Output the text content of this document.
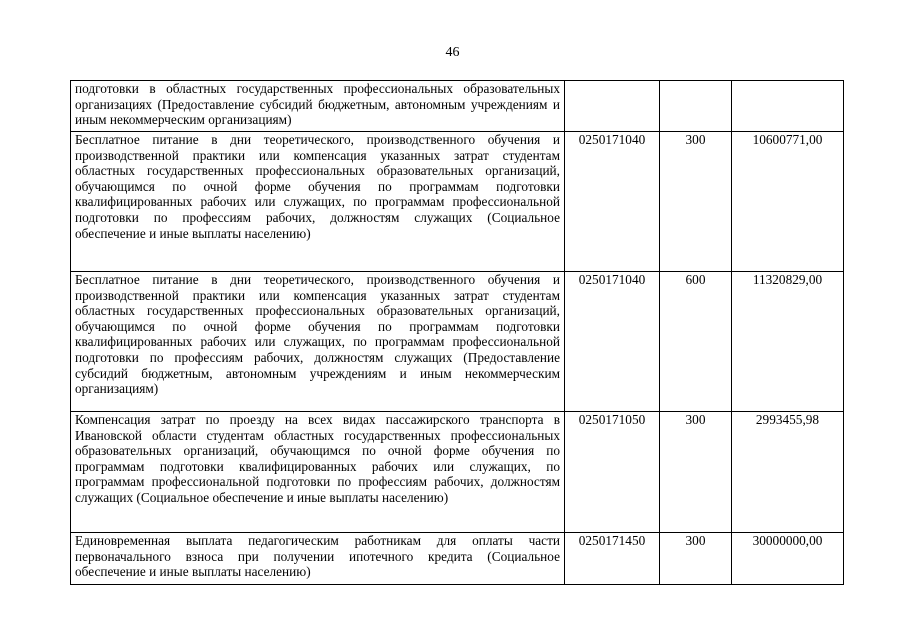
46
подготовки в областных государственных профессиональных образовательных организациях (Предоставление субсидий бюджетным, автономным учреждениям и иным некоммерческим организациям)			
Бесплатное питание в дни теоретического, производственного обучения и производственной практики или компенсация указанных затрат студентам областных государственных профессиональных образовательных организаций, обучающимся по очной форме обучения по программам подготовки квалифицированных рабочих или служащих, по программам профессиональной подготовки по профессиям рабочих, должностям служащих (Социальное обеспечение и иные выплаты населению)	0250171040	300	10600771,00
Бесплатное питание в дни теоретического, производственного обучения и производственной практики или компенсация указанных затрат студентам областных государственных профессиональных образовательных организаций, обучающимся по очной форме обучения по программам подготовки квалифицированных рабочих или служащих, по программам профессиональной подготовки по профессиям рабочих, должностям служащих (Предоставление субсидий бюджетным, автономным учреждениям и иным некоммерческим организациям)	0250171040	600	11320829,00
Компенсация затрат по проезду на всех видах пассажирского транспорта в Ивановской области студентам областных государственных профессиональных образовательных организаций, обучающимся по очной форме обучения по программам подготовки квалифицированных рабочих или служащих, по программам профессиональной подготовки по профессиям рабочих, должностям служащих (Социальное обеспечение и иные выплаты населению)	0250171050	300	2993455,98
Единовременная выплата педагогическим работникам для оплаты части первоначального взноса при получении ипотечного кредита (Социальное обеспечение и иные выплаты населению)	0250171450	300	30000000,00
